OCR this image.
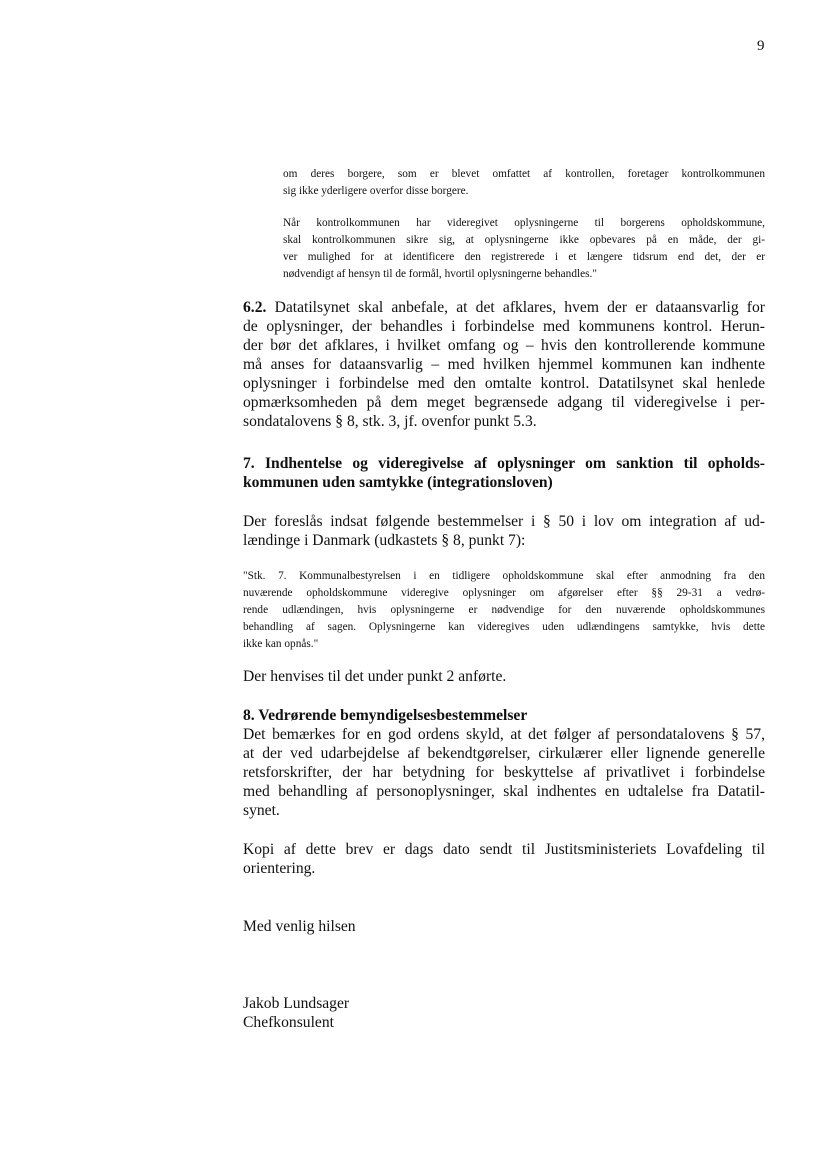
9
om deres borgere, som er blevet omfattet af kontrollen, foretager kontrolkommunen
sig ikke yderligere overfor disse borgere.
Når kontrolkommunen har videregivet oplysningerne til borgerens opholdskommune,
skal kontrolkommunen sikre sig, at oplysningerne ikke opbevares på en måde, der gi-
ver mulighed for at identificere den registrerede i et længere tidsrum end det, der er
nødvendigt af hensyn til de formål, hvortil oplysningerne behandles."
6.2. Datatilsynet skal anbefale, at det afklares, hvem der er dataansvarlig for
de oplysninger, der behandles i forbindelse med kommunens kontrol. Herun-
der bør det afklares, i hvilket omfang og – hvis den kontrollerende kommune
må anses for dataansvarlig – med hvilken hjemmel kommunen kan indhente
oplysninger i forbindelse med den omtalte kontrol. Datatilsynet skal henlede
opmærksomheden på dem meget begrænsede adgang til videregivelse i per-
sondatalovens § 8, stk. 3, jf. ovenfor punkt 5.3.
7. Indhentelse og videregivelse af oplysninger om sanktion til opholds-
kommunen uden samtykke (integrationsloven)
Der foreslås indsat følgende bestemmelser i § 50 i lov om integration af ud-
lændinge i Danmark (udkastets § 8, punkt 7):
"Stk. 7. Kommunalbestyrelsen i en tidligere opholdskommune skal efter anmodning fra den
nuværende opholdskommune videregive oplysninger om afgørelser efter §§ 29-31 a vedrø-
rende udlændingen, hvis oplysningerne er nødvendige for den nuværende opholdskommunes
behandling af sagen. Oplysningerne kan videregives uden udlændingens samtykke, hvis dette
ikke kan opnås."
Der henvises til det under punkt 2 anførte.
8. Vedrørende bemyndigelsesbestemmelser
Det bemærkes for en god ordens skyld, at det følger af persondatalovens § 57,
at der ved udarbejdelse af bekendtgørelser, cirkulærer eller lignende generelle
retsforskrifter, der har betydning for beskyttelse af privatlivet i forbindelse
med behandling af personoplysninger, skal indhentes en udtalelse fra Datatil-
synet.
Kopi af dette brev er dags dato sendt til Justitsministeriets Lovafdeling til
orientering.
Med venlig hilsen
Jakob Lundsager
Chefkonsulent
